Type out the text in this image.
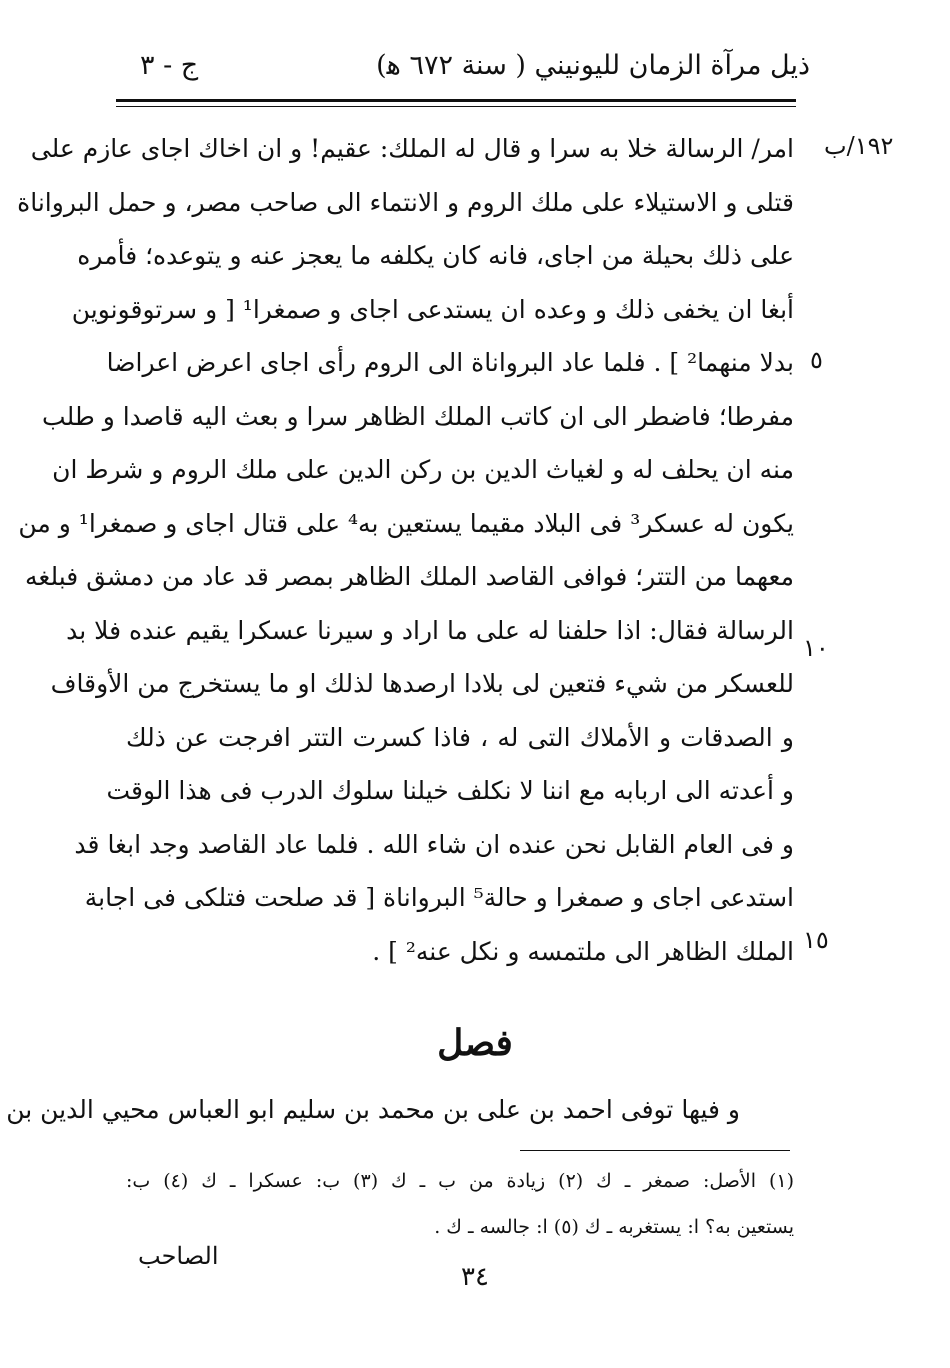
ج - ٣	ذيل مرآة الزمان لليونيني ( سنة ٦٧٢ ﻫ)
١٩٢/ب
٥
١٠
١٥
امر/ الرسالة خلا به سرا و قال له الملك: عقيم! و ان اخاك اجاى عازم على
قتلى و الاستيلاء على ملك الروم و الانتماء الى صاحب مصر، و حمل البرواناة
على ذلك بحيلة من اجاى، فانه كان يكلفه ما يعجز عنه و يتوعده؛ فأمره
أبغا ان يخفى ذلك و وعده ان يستدعى اجاى و صمغرا¹ [ و سرتوقونوين
بدلا منهما² ] . فلما عاد البرواناة الى الروم رأى اجاى اعرض اعراضا
مفرطا؛ فاضطر الى ان كاتب الملك الظاهر سرا و بعث اليه قاصدا و طلب
منه ان يحلف له و لغياث الدين بن ركن الدين على ملك الروم و شرط ان
يكون له عسكر³ فى البلاد مقيما يستعين به⁴ على قتال اجاى و صمغرا¹ و من
معهما من التتر؛ فوافى القاصد الملك الظاهر بمصر قد عاد من دمشق فبلغه
الرسالة فقال: اذا حلفنا له على ما اراد و سيرنا عسكرا يقيم عنده فلا بد
للعسكر من شيء فتعين لى بلادا ارصدها لذلك او ما يستخرج من الأوقاف
و الصدقات و الأملاك التى له ، فاذا كسرت التتر افرجت عن ذلك
و أعدته الى اربابه مع اننا لا نكلف خيلنا سلوك الدرب فى هذا الوقت
و فى العام القابل نحن عنده ان شاء الله . فلما عاد القاصد وجد ابغا قد
استدعى اجاى و صمغرا و حالة⁵ البرواناة [ قد صلحت فتلكى فى اجابة
الملك الظاهر الى ملتمسه و نكل عنه² ] .
فصل
و فيها توفى احمد بن على بن محمد بن سليم ابو العباس محيي الدين بن
(١) الأصل: صمغر ـ ك (٢) زيادة من ب ـ ك (٣) ب: عسكرا ـ ك (٤) ب:
يستعين به؟ ا: يستغربه ـ ك (٥) ا: جالسه ـ ك .
الصاحب
٣٤
